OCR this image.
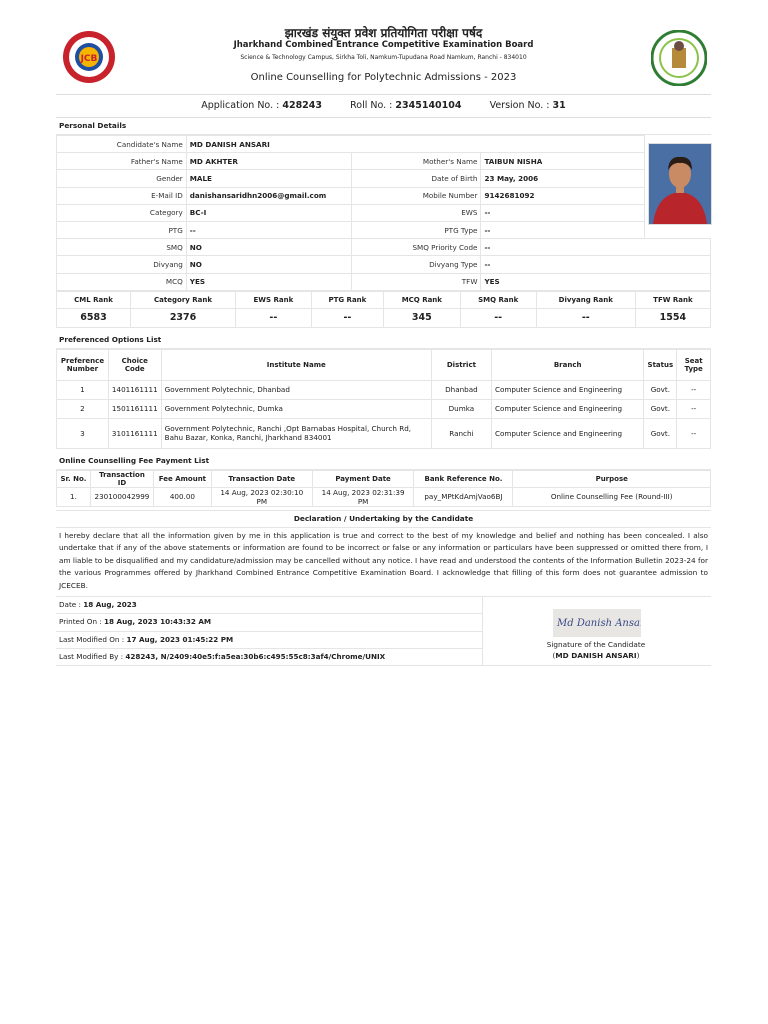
JCB
झारखंड संयुक्त प्रवेश प्रतियोगिता परीक्षा पर्षद
Jharkhand Combined Entrance Competitive Examination Board
Science & Technology Campus, Sirkha Toli, Namkum-Tupudana Road Namkum, Ranchi - 834010
Online Counselling for Polytechnic Admissions - 2023
Application No. : 428243	Roll No. : 2345140104	Version No. : 31
Personal Details
Candidate's Name	MD DANISH ANSARI			
Father's Name	MD AKHTER	Mother's Name	TAIBUN NISHA	
Gender	MALE	Date of Birth	23 May, 2006	
E-Mail ID	danishansaridhn2006@gmail.com	Mobile Number	9142681092	
Category	BC-I	EWS	--	
PTG	--	PTG Type	--	
SMQ	NO	SMQ Priority Code	--	
Divyang	NO	Divyang Type	--	
MCQ	YES	TFW	YES	
CML Rank	Category Rank	EWS Rank	PTG Rank	MCQ Rank	SMQ Rank	Divyang Rank	TFW Rank
6583	2376	--	--	345	--	--	1554
Preferenced Options List
Preference Number	Choice Code	Institute Name	District	Branch	Status	Seat Type
1	1401161111	Government Polytechnic, Dhanbad	Dhanbad	Computer Science and Engineering	Govt.	--
2	1501161111	Government Polytechnic, Dumka	Dumka	Computer Science and Engineering	Govt.	--
3	3101161111	Government Polytechnic, Ranchi ,Opt Barnabas Hospital, Church Rd, Bahu Bazar, Konka, Ranchi, Jharkhand 834001	Ranchi	Computer Science and Engineering	Govt.	--
Online Counselling Fee Payment List
Sr. No.	Transaction ID	Fee Amount	Transaction Date	Payment Date	Bank Reference No.	Purpose
1.	230100042999	400.00	14 Aug, 2023 02:30:10 PM	14 Aug, 2023 02:31:39 PM	pay_MPtKdAmjVao6BJ	Online Counselling Fee (Round-III)
Declaration / Undertaking by the Candidate
I hereby declare that all the information given by me in this application is true and correct to the best of my knowledge and belief and nothing has been concealed. I also undertake that if any of the above statements or information are found to be incorrect or false or any information or particulars have been suppressed or omitted there from, I am liable to be disqualified and my candidature/admission may be cancelled without any notice. I have read and understood the contents of the Information Bulletin 2023-24 for the various Programmes offered by Jharkhand Combined Entrance Competitive Examination Board. I acknowledge that filling of this form does not guarantee admission to JCECEB.
Date : 18 Aug, 2023
Printed On : 18 Aug, 2023 10:43:32 AM
Last Modified On : 17 Aug, 2023 01:45:22 PM
Last Modified By : 428243, N/2409:40e5:f:a5ea:30b6:c495:55c8:3af4/Chrome/UNIX
Md Danish Ansari
Signature of the Candidate
(MD DANISH ANSARI)
